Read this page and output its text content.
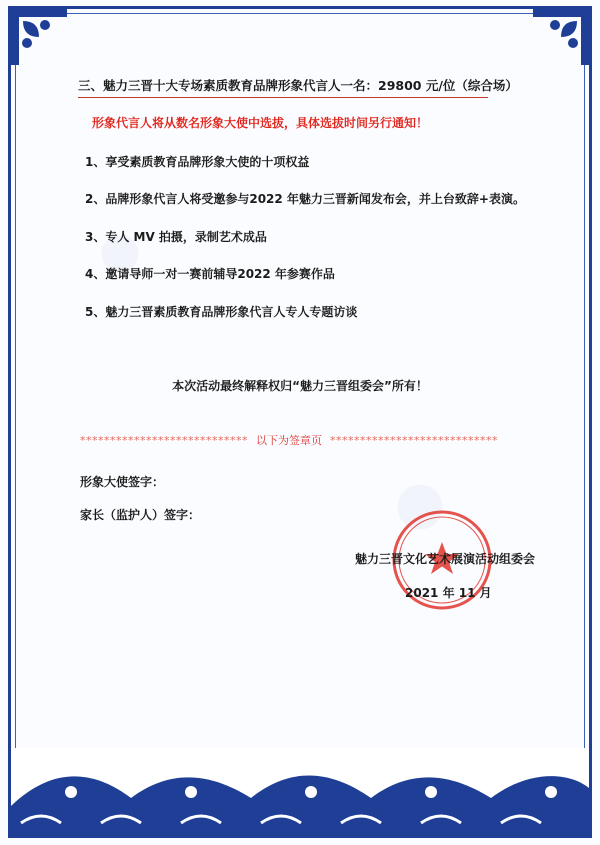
三、魅力三晋十大专场素质教育品牌形象代言人一名：29800 元/位（综合场）
形象代言人将从数名形象大使中选拔，具体选拔时间另行通知！
1、享受素质教育品牌形象大使的十项权益
2、品牌形象代言人将受邀参与2022 年魅力三晋新闻发布会，并上台致辞+表演。
3、专人 MV 拍摄，录制艺术成品
4、邀请导师一对一赛前辅导2022 年参赛作品
5、魅力三晋素质教育品牌形象代言人专人专题访谈
本次活动最终解释权归“魅力三晋组委会”所有！
**************************** 以下为签章页 ****************************
形象大使签字：
家长（监护人）签字：
魅力三晋文化艺术展演活动组委会
2021 年 11 月
